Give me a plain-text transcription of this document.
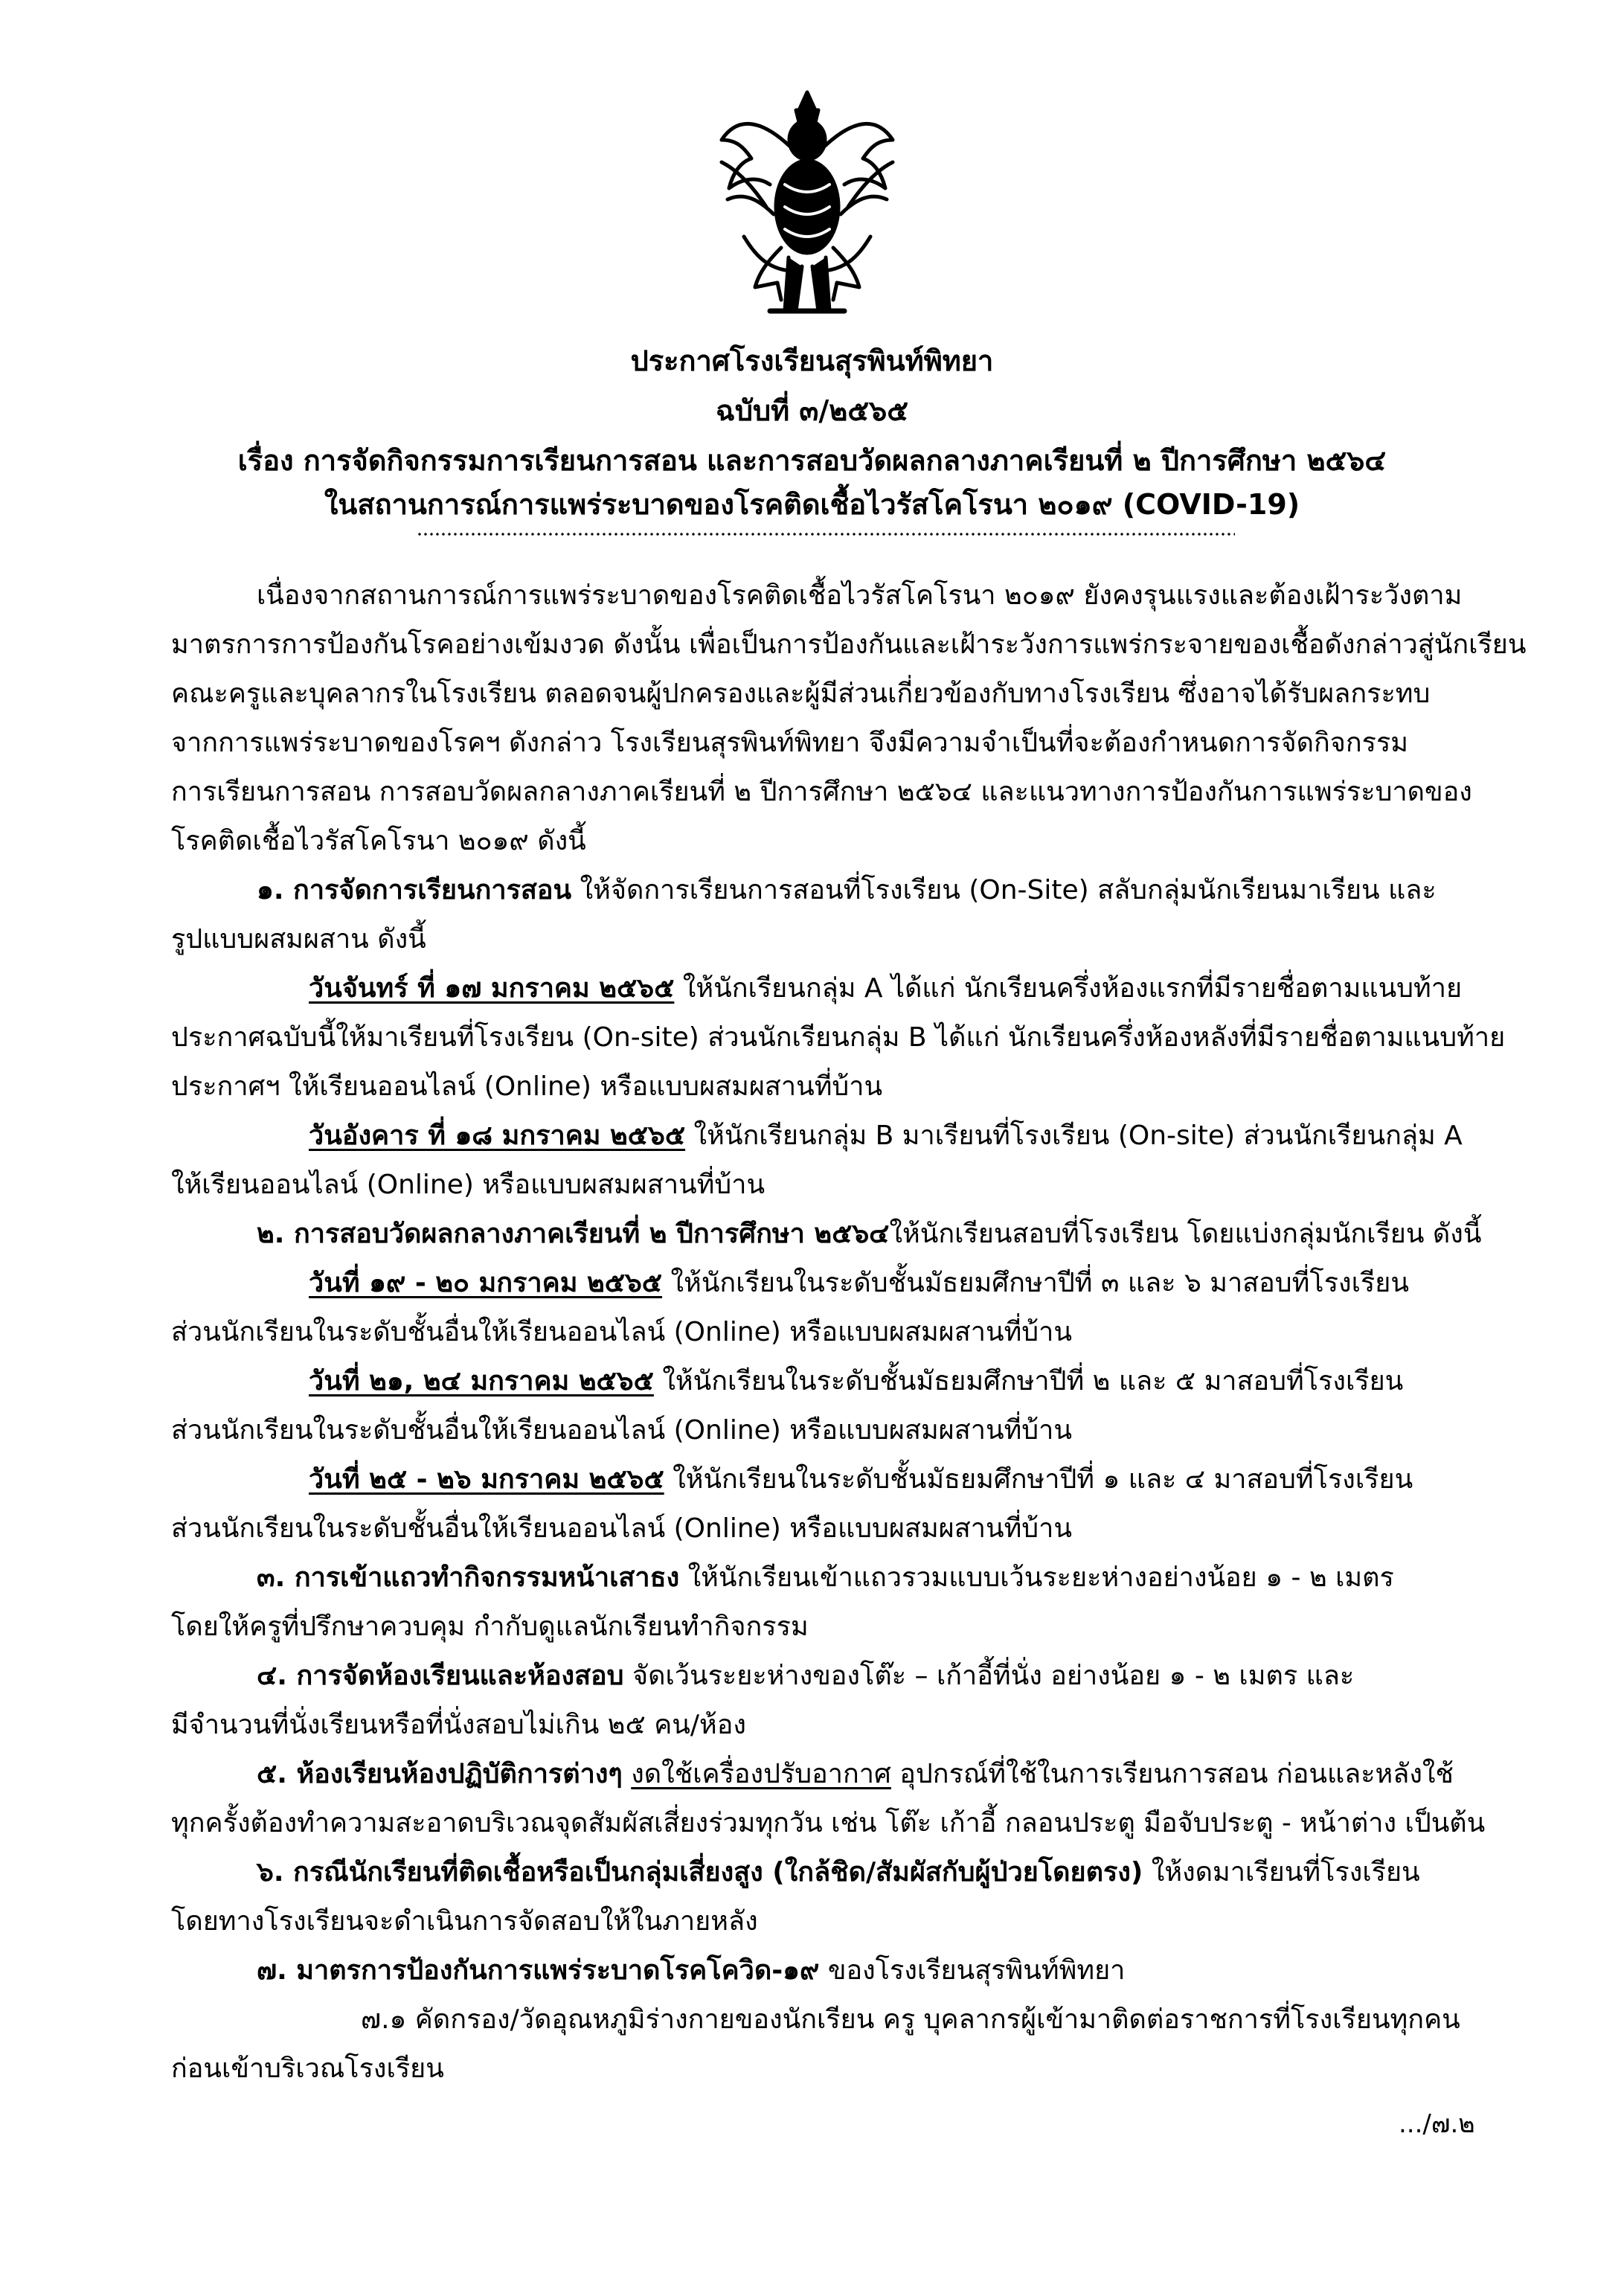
ประกาศโรงเรียนสุรพินท์พิทยา
ฉบับที่ ๓/๒๕๖๕
เรื่อง การจัดกิจกรรมการเรียนการสอน และการสอบวัดผลกลางภาคเรียนที่ ๒ ปีการศึกษา ๒๕๖๔
ในสถานการณ์การแพร่ระบาดของโรคติดเชื้อไวรัสโคโรนา ๒๐๑๙ (COVID-19)
เนื่องจากสถานการณ์การแพร่ระบาดของโรคติดเชื้อไวรัสโคโรนา ๒๐๑๙ ยังคงรุนแรงและต้องเฝ้าระวังตาม
มาตรการการป้องกันโรคอย่างเข้มงวด ดังนั้น เพื่อเป็นการป้องกันและเฝ้าระวังการแพร่กระจายของเชื้อดังกล่าวสู่นักเรียน
คณะครูและบุคลากรในโรงเรียน ตลอดจนผู้ปกครองและผู้มีส่วนเกี่ยวข้องกับทางโรงเรียน ซึ่งอาจได้รับผลกระทบ
จากการแพร่ระบาดของโรคฯ ดังกล่าว โรงเรียนสุรพินท์พิทยา จึงมีความจำเป็นที่จะต้องกำหนดการจัดกิจกรรม
การเรียนการสอน การสอบวัดผลกลางภาคเรียนที่ ๒ ปีการศึกษา ๒๕๖๔ และแนวทางการป้องกันการแพร่ระบาดของ
โรคติดเชื้อไวรัสโคโรนา ๒๐๑๙ ดังนี้
๑. การจัดการเรียนการสอน ให้จัดการเรียนการสอนที่โรงเรียน (On-Site) สลับกลุ่มนักเรียนมาเรียน และ
รูปแบบผสมผสาน ดังนี้
วันจันทร์ ที่ ๑๗ มกราคม ๒๕๖๕ ให้นักเรียนกลุ่ม A ได้แก่ นักเรียนครึ่งห้องแรกที่มีรายชื่อตามแนบท้าย
ประกาศฉบับนี้ให้มาเรียนที่โรงเรียน (On-site) ส่วนนักเรียนกลุ่ม B ได้แก่ นักเรียนครึ่งห้องหลังที่มีรายชื่อตามแนบท้าย
ประกาศฯ ให้เรียนออนไลน์ (Online) หรือแบบผสมผสานที่บ้าน
วันอังคาร ที่ ๑๘ มกราคม ๒๕๖๕ ให้นักเรียนกลุ่ม B มาเรียนที่โรงเรียน (On-site) ส่วนนักเรียนกลุ่ม A
ให้เรียนออนไลน์ (Online) หรือแบบผสมผสานที่บ้าน
๒. การสอบวัดผลกลางภาคเรียนที่ ๒ ปีการศึกษา ๒๕๖๔ให้นักเรียนสอบที่โรงเรียน โดยแบ่งกลุ่มนักเรียน ดังนี้
วันที่ ๑๙ - ๒๐ มกราคม ๒๕๖๕ ให้นักเรียนในระดับชั้นมัธยมศึกษาปีที่ ๓ และ ๖ มาสอบที่โรงเรียน
ส่วนนักเรียนในระดับชั้นอื่นให้เรียนออนไลน์ (Online) หรือแบบผสมผสานที่บ้าน
วันที่ ๒๑, ๒๔ มกราคม ๒๕๖๕ ให้นักเรียนในระดับชั้นมัธยมศึกษาปีที่ ๒ และ ๕ มาสอบที่โรงเรียน
ส่วนนักเรียนในระดับชั้นอื่นให้เรียนออนไลน์ (Online) หรือแบบผสมผสานที่บ้าน
วันที่ ๒๕ - ๒๖ มกราคม ๒๕๖๕ ให้นักเรียนในระดับชั้นมัธยมศึกษาปีที่ ๑ และ ๔ มาสอบที่โรงเรียน
ส่วนนักเรียนในระดับชั้นอื่นให้เรียนออนไลน์ (Online) หรือแบบผสมผสานที่บ้าน
๓. การเข้าแถวทำกิจกรรมหน้าเสาธง ให้นักเรียนเข้าแถวรวมแบบเว้นระยะห่างอย่างน้อย ๑ - ๒ เมตร
โดยให้ครูที่ปรึกษาควบคุม กำกับดูแลนักเรียนทำกิจกรรม
๔. การจัดห้องเรียนและห้องสอบ จัดเว้นระยะห่างของโต๊ะ – เก้าอี้ที่นั่ง อย่างน้อย ๑ - ๒ เมตร และ
มีจำนวนที่นั่งเรียนหรือที่นั่งสอบไม่เกิน ๒๕ คน/ห้อง
๕. ห้องเรียนห้องปฏิบัติการต่างๆ งดใช้เครื่องปรับอากาศ อุปกรณ์ที่ใช้ในการเรียนการสอน ก่อนและหลังใช้
ทุกครั้งต้องทำความสะอาดบริเวณจุดสัมผัสเสี่ยงร่วมทุกวัน เช่น โต๊ะ เก้าอี้ กลอนประตู มือจับประตู - หน้าต่าง เป็นต้น
๖. กรณีนักเรียนที่ติดเชื้อหรือเป็นกลุ่มเสี่ยงสูง (ใกล้ชิด/สัมผัสกับผู้ป่วยโดยตรง) ให้งดมาเรียนที่โรงเรียน
โดยทางโรงเรียนจะดำเนินการจัดสอบให้ในภายหลัง
๗. มาตรการป้องกันการแพร่ระบาดโรคโควิด-๑๙ ของโรงเรียนสุรพินท์พิทยา
๗.๑ คัดกรอง/วัดอุณหภูมิร่างกายของนักเรียน ครู บุคลากรผู้เข้ามาติดต่อราชการที่โรงเรียนทุกคน
ก่อนเข้าบริเวณโรงเรียน
.../๗.๒
